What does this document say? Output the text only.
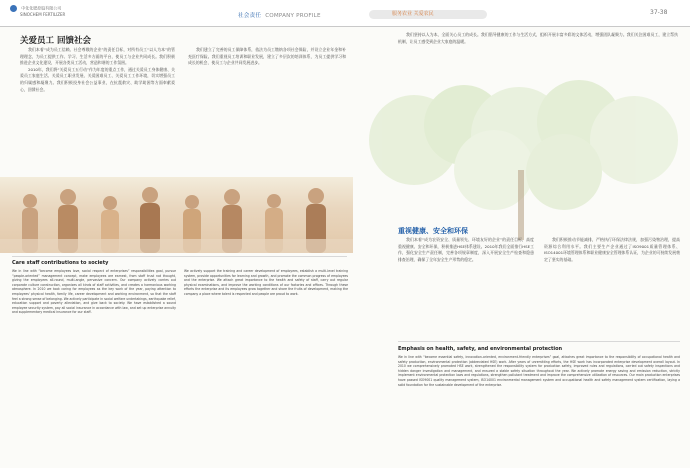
中化化肥控股有限公司
SINOCHEM FERTILIZER	社会责任 COMPANY PROFILE	服务农业 关爱农民	37-38
关爱员工 回馈社会
我们本着“成为员工信赖、社会尊敬的企业”的责任目标，对所有员工“以人为本”的管理理念，为员工提供工作、学习、生活多方面的平台，使员工与企业共同成长。我们积极推进企业文化建设，开展各类员工活动，营造和谐的工作氛围。
2010年，我们将“关爱员工五行动”作为年度的重点工作，通过关爱员工身体健康、关爱员工家庭生活、关爱员工职业发展、关爱困难员工、关爱员工工作环境，切实增强员工的归属感和凝聚力。我们积极投身社会公益事业，在抗震救灾、助学助困等方面奉献爱心，回馈社会。
我们建立了完善的员工保障体系，依法为员工缴纳各项社会保险，并设立企业年金和补充医疗保险。我们重视员工培训和职业发展，建立了多层次的培训体系，为员工提供学习和成长的机会，使员工与企业共同发展进步。
Care staff contributions to society
We in line with “become employees love, social respect of enterprises” responsibilities goal, pursue “people-oriented” management concept, make employees are earnest, from staff trust not thought, giving the employees all-round, multi-angle, pervasive concern. Our company actively carries out corporate culture construction, organizes all kinds of staff activities, and creates a harmonious working atmosphere. In 2010 we took caring for employees as the key work of the year, paying attention to employees' physical health, family life, career development and working environment, so that the staff feel a strong sense of belonging. We actively participate in social welfare undertakings, earthquake relief, education support and poverty alleviation, and give back to society. We have established a sound employee security system, pay all social insurance in accordance with law, and set up enterprise annuity and supplementary medical insurance for our staff.
We actively support the training and career development of employees, establish a multi-level training system, provide opportunities for learning and growth, and promote the common progress of employees and the enterprise. We attach great importance to the health and safety of staff, carry out regular physical examinations, and improve the working conditions of our factories and offices. Through these efforts the enterprise and its employees grow together and share the fruits of development, making the company a place where talent is respected and people are proud to work.
我们坚持以人为本，全面关心员工的成长。我们倡导健康的工作与生活方式，组织开展丰富多彩的文体活动，增强团队凝聚力。我们关注困难员工，建立帮扶机制，让员工感受到企业大家庭的温暖。
重视健康、安全和环保
我们本着“成为农资安全、质量领先、环境友好的企业”的责任目标，高度重视健康、安全和环保，积极推进HSE体系建设。2010年我们全面推行HSE工作，强化安全生产责任制，完善各项规章制度，深入开展安全生产检查和隐患排查治理，确保了全年安全生产形势的稳定。
我们积极推动节能减排，严格执行环保法律法规，加强污染物治理，提高资源综合利用水平。我们主要生产企业通过了ISO9001质量管理体系、ISO14001环境管理体系和职业健康安全管理体系认证，为企业的可持续发展奠定了坚实的基础。
Emphasis on health, safety, and environmental protection
We in line with “become essential safety, innovation-oriented, environment-friendly enterprises” goal, attaches great importance to the responsibility of occupational health and safety production, environmental protection (abbreviated HSE) work. After years of unremitting efforts, the HSE work has incorporated enterprise development overall layout. In 2010 we comprehensively promoted HSE work, strengthened the responsibility system for production safety, improved rules and regulations, carried out safety inspections and hidden danger investigation and management, and ensured a stable safety situation throughout the year. We actively promote energy saving and emission reduction, strictly implement environmental protection laws and regulations, strengthen pollutant treatment and improve the comprehensive utilization of resources. Our main production enterprises have passed ISO9001 quality management system, ISO14001 environmental management system and occupational health and safety management system certification, laying a solid foundation for the sustainable development of the enterprise.
